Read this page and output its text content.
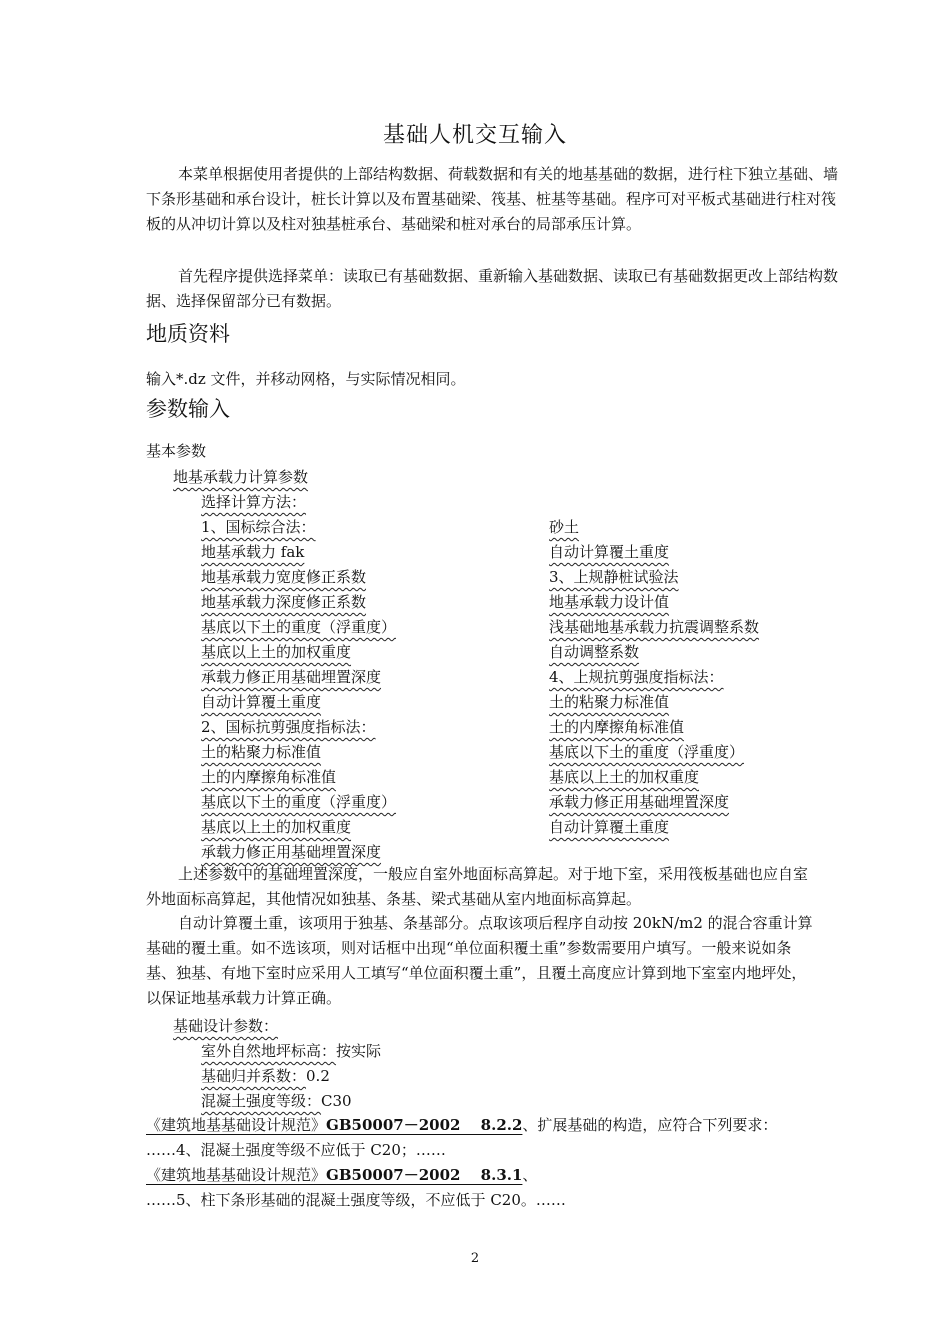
基础人机交互输入

本菜单根据使用者提供的上部结构数据、荷载数据和有关的地基基础的数据，进行柱下独立基础、墙下条形基础和承台设计，桩长计算以及布置基础梁、筏基、桩基等基础。程序可对平板式基础进行柱对筏板的从冲切计算以及柱对独基桩承台、基础梁和桩对承台的局部承压计算。

首先程序提供选择菜单：读取已有基础数据、重新输入基础数据、读取已有基础数据更改上部结构数据、选择保留部分已有数据。

地质资料
输入*.dz 文件，并移动网格，与实际情况相同。
参数输入
基本参数
地基承载力计算参数
选择计算方法：
1、国标综合法：
地基承载力 fak
地基承载力宽度修正系数
地基承载力深度修正系数
基底以下土的重度（浮重度）
基底以上土的加权重度
承载力修正用基础埋置深度
自动计算覆土重度
2、国标抗剪强度指标法：
土的粘聚力标准值
土的内摩擦角标准值
基底以下土的重度（浮重度）
基底以上土的加权重度
承载力修正用基础埋置深度
砂土
自动计算覆土重度
3、上规静桩试验法
地基承载力设计值
浅基础地基承载力抗震调整系数
自动调整系数
4、上规抗剪强度指标法：
土的粘聚力标准值
土的内摩擦角标准值
基底以下土的重度（浮重度）
基底以上土的加权重度
承载力修正用基础埋置深度
自动计算覆土重度

上述参数中的基础埋置深度，一般应自室外地面标高算起。对于地下室，采用筏板基础也应自室外地面标高算起，其他情况如独基、条基、梁式基础从室内地面标高算起。

自动计算覆土重，该项用于独基、条基部分。点取该项后程序自动按 20kN/m2 的混合容重计算基础的覆土重。如不选该项，则对话框中出现“单位面积覆土重”参数需要用户填写。一般来说如条基、独基、有地下室时应采用人工填写“单位面积覆土重”，且覆土高度应计算到地下室室内地坪处，以保证地基承载力计算正确。

基础设计参数：
室外自然地坪标高：按实际
基础归并系数：0.2
混凝土强度等级：C30
《建筑地基基础设计规范》GB50007－2002　 8.2.2、扩展基础的构造，应符合下列要求：
……4、混凝土强度等级不应低于 C20；……
《建筑地基基础设计规范》GB50007－2002　 8.3.1、
……5、柱下条形基础的混凝土强度等级，不应低于 C20。……
2
